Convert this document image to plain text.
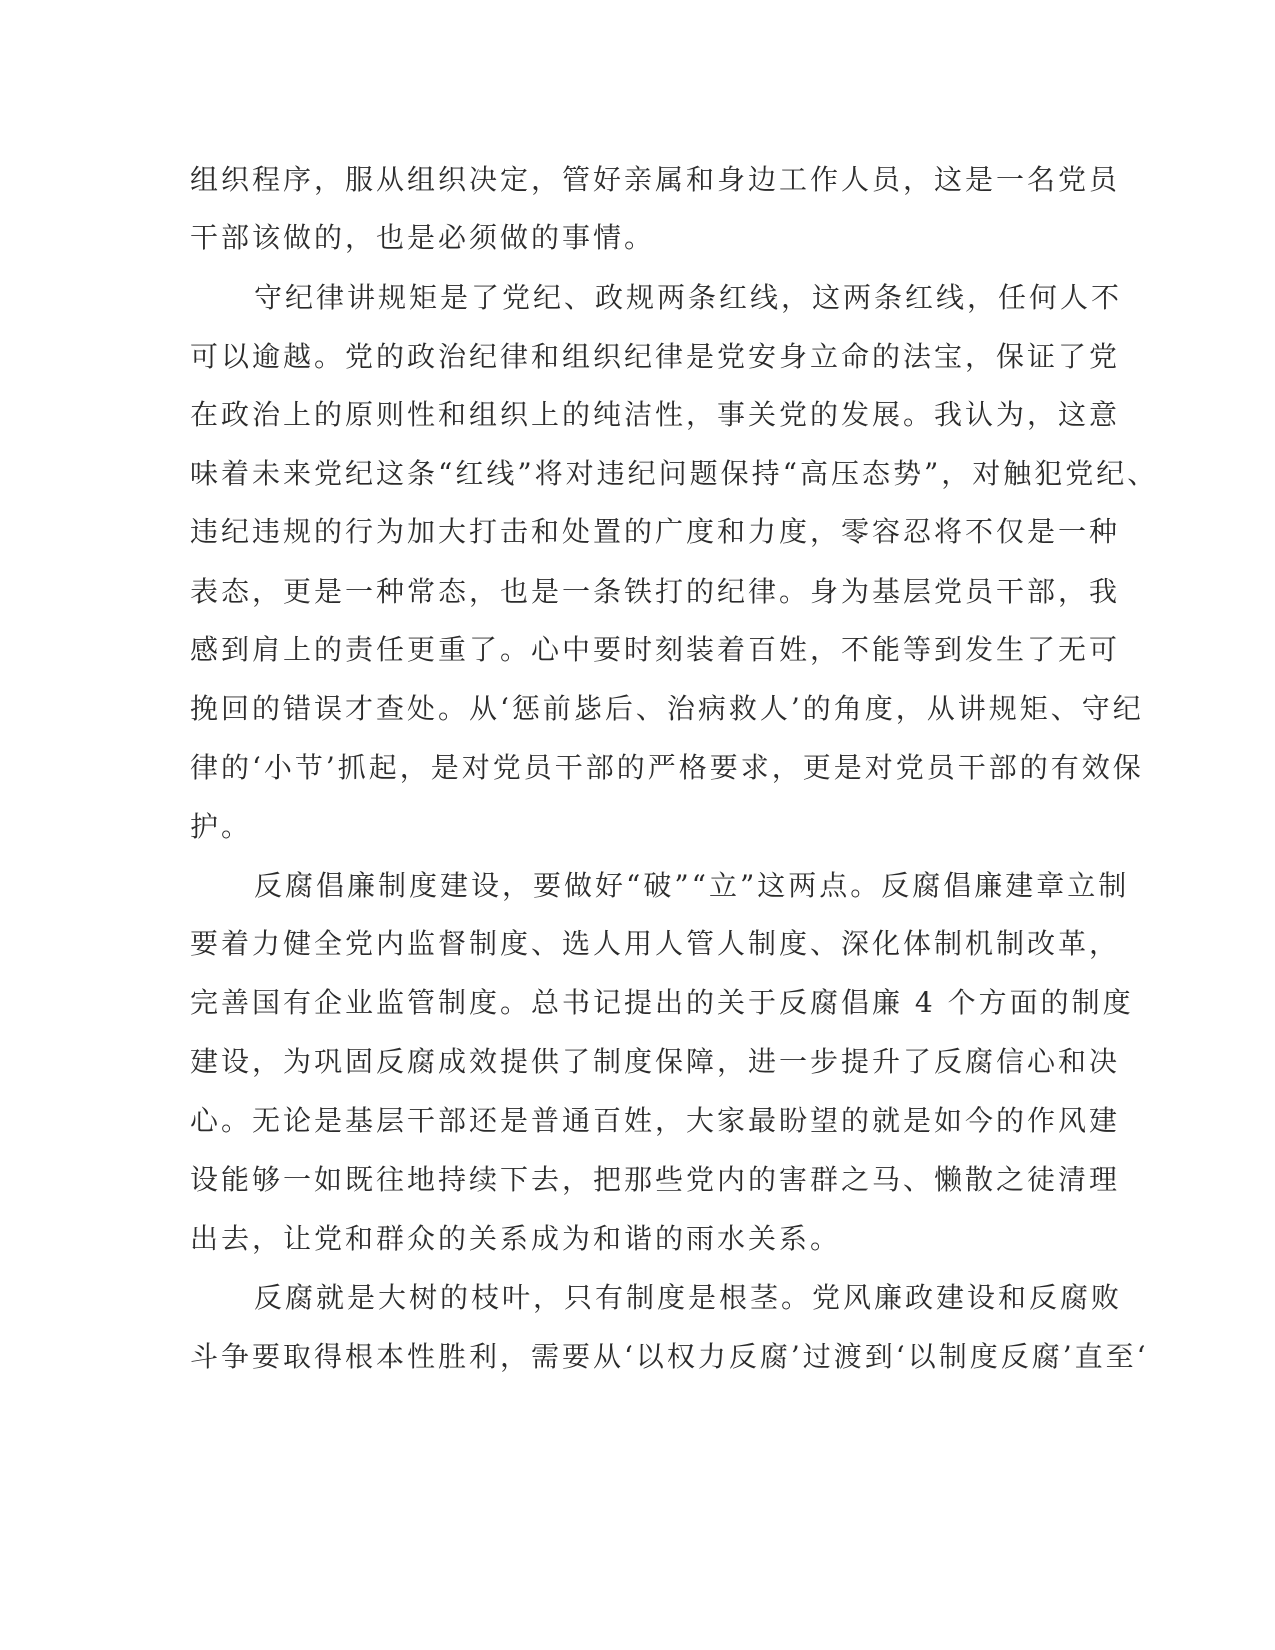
组织程序，服从组织决定，管好亲属和身边工作人员，这是一名党员

干部该做的，也是必须做的事情。

守纪律讲规矩是了党纪、政规两条红线，这两条红线，任何人不

可以逾越。党的政治纪律和组织纪律是党安身立命的法宝，保证了党

在政治上的原则性和组织上的纯洁性，事关党的发展。我认为，这意

味着未来党纪这条“红线”将对违纪问题保持“高压态势”，对触犯党纪、

违纪违规的行为加大打击和处置的广度和力度，零容忍将不仅是一种

表态，更是一种常态，也是一条铁打的纪律。身为基层党员干部，我

感到肩上的责任更重了。心中要时刻装着百姓，不能等到发生了无可

挽回的错误才查处。从‘惩前毖后、治病救人’的角度，从讲规矩、守纪

律的‘小节’抓起，是对党员干部的严格要求，更是对党员干部的有效保

护。

反腐倡廉制度建设，要做好“破”“立”这两点。反腐倡廉建章立制

要着力健全党内监督制度、选人用人管人制度、深化体制机制改革，

完善国有企业监管制度。总书记提出的关于反腐倡廉 4 个方面的制度

建设，为巩固反腐成效提供了制度保障，进一步提升了反腐信心和决

心。无论是基层干部还是普通百姓，大家最盼望的就是如今的作风建

设能够一如既往地持续下去，把那些党内的害群之马、懒散之徒清理

出去，让党和群众的关系成为和谐的雨水关系。

反腐就是大树的枝叶，只有制度是根茎。党风廉政建设和反腐败

斗争要取得根本性胜利，需要从‘以权力反腐’过渡到‘以制度反腐’直至‘
